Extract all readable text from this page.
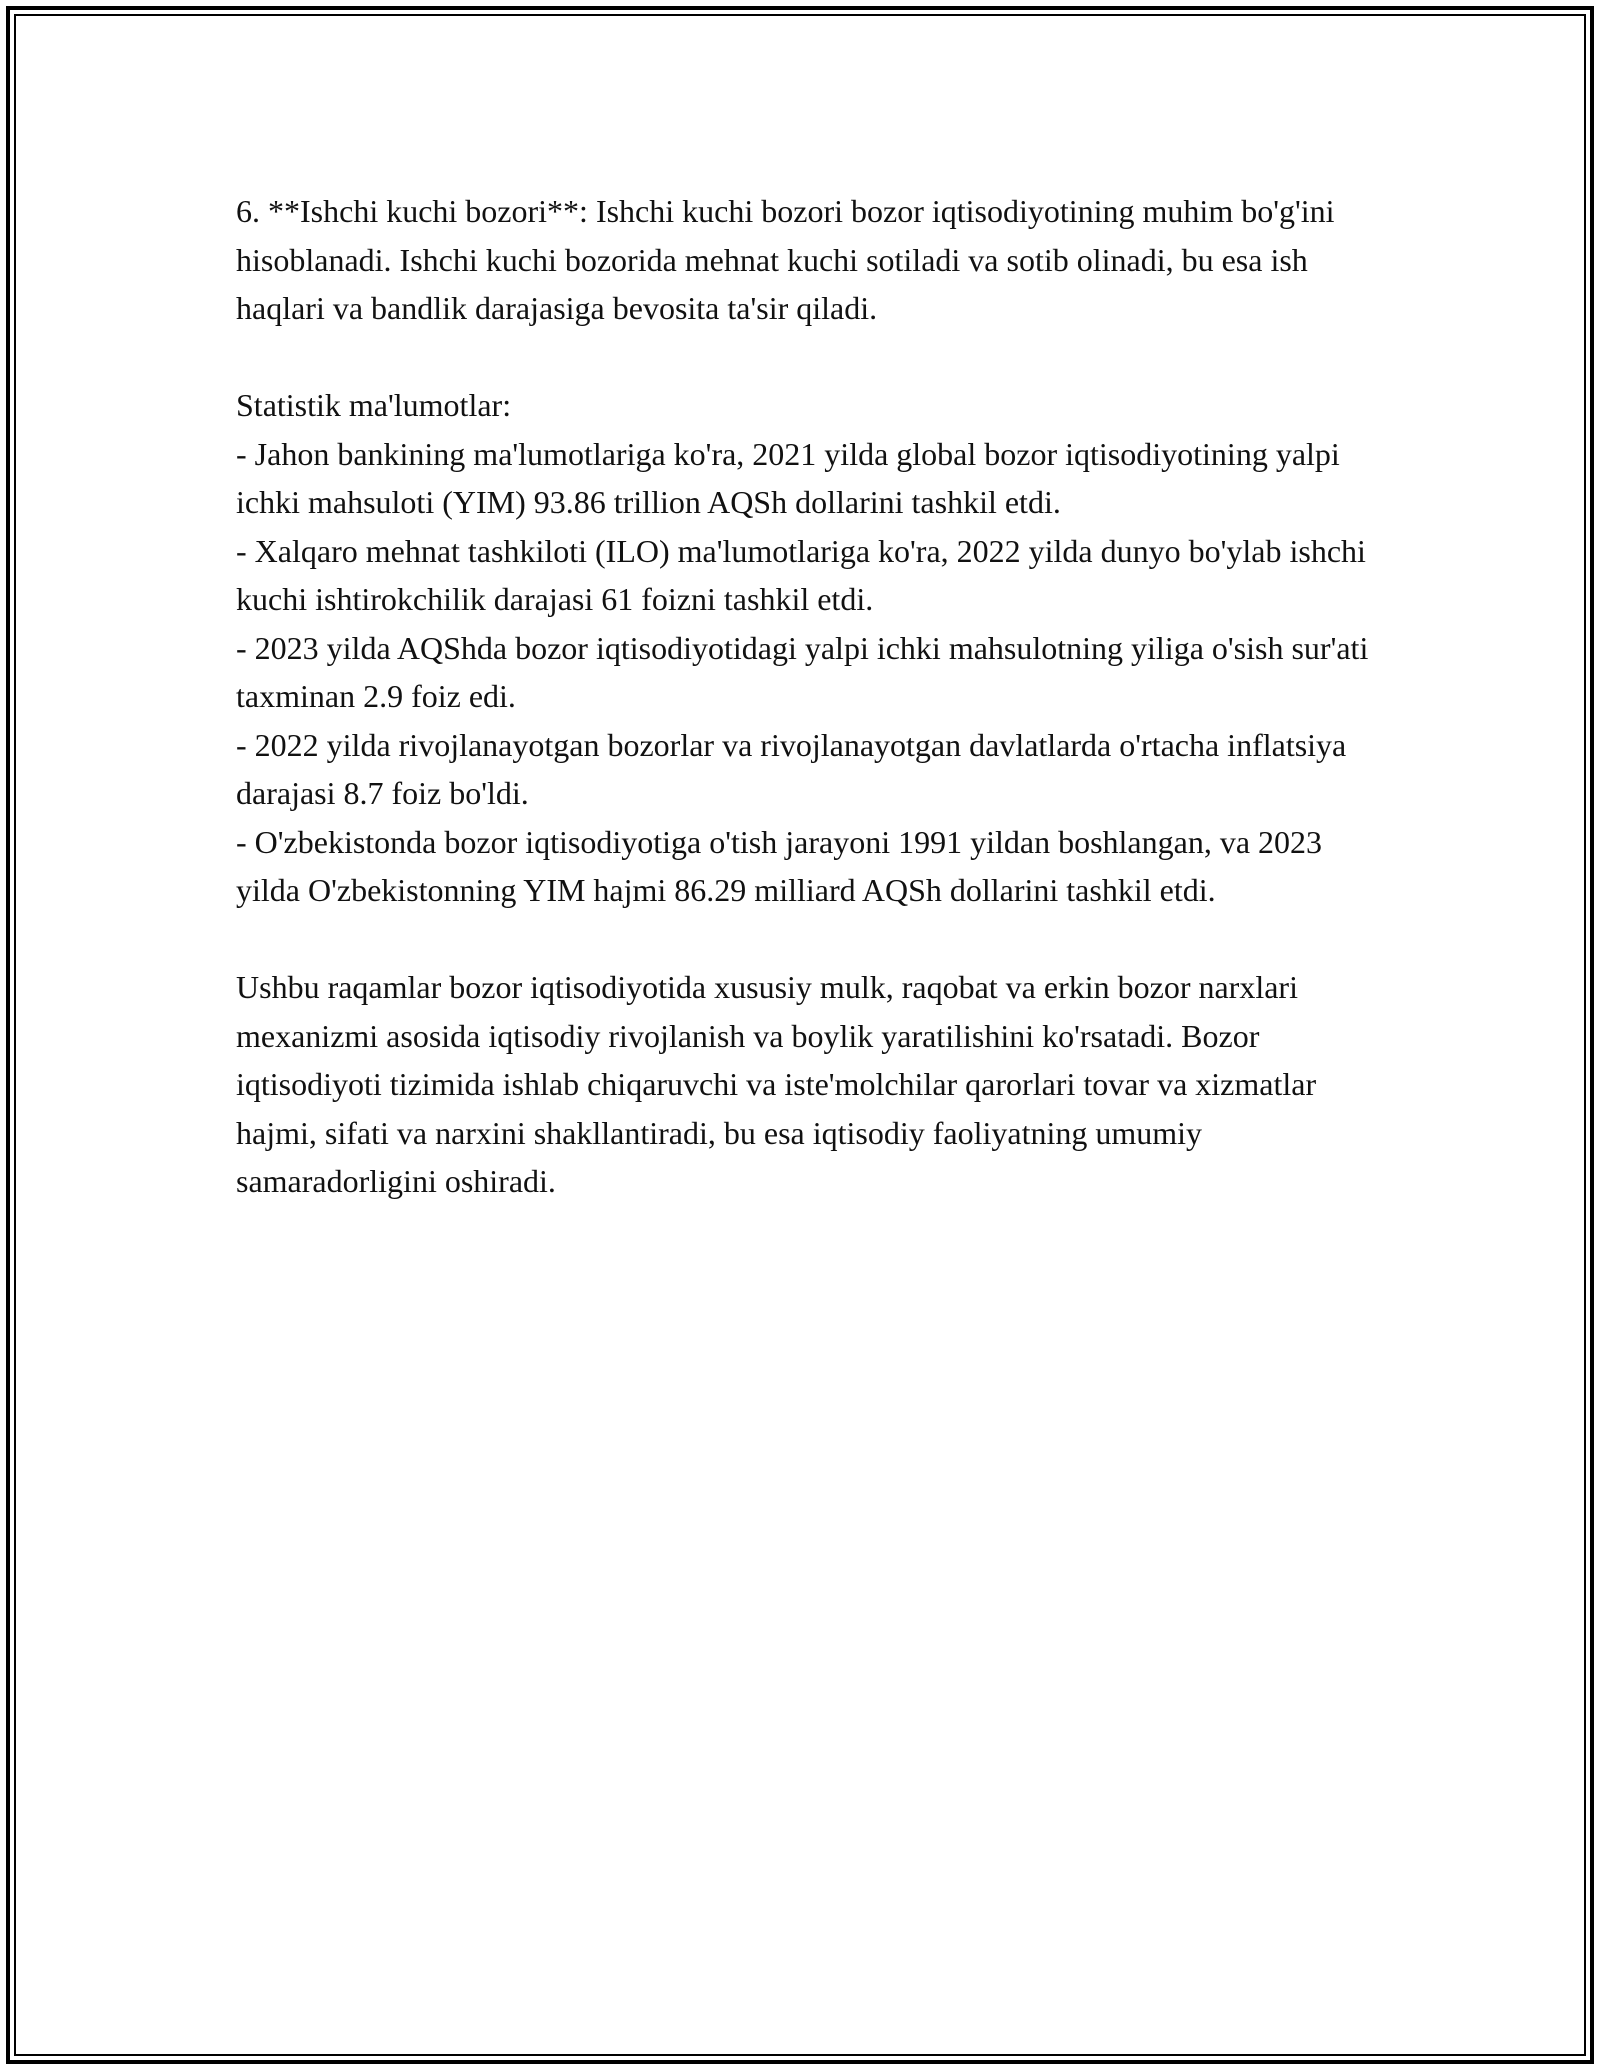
6. **Ishchi kuchi bozori**: Ishchi kuchi bozori bozor iqtisodiyotining muhim bo'g'ini hisoblanadi. Ishchi kuchi bozorida mehnat kuchi sotiladi va sotib olinadi, bu esa ish haqlari va bandlik darajasiga bevosita ta'sir qiladi.

Statistik ma'lumotlar:
- Jahon bankining ma'lumotlariga ko'ra, 2021 yilda global bozor iqtisodiyotining yalpi ichki mahsuloti (YIM) 93.86 trillion AQSh dollarini tashkil etdi.
- Xalqaro mehnat tashkiloti (ILO) ma'lumotlariga ko'ra, 2022 yilda dunyo bo'ylab ishchi kuchi ishtirokchilik darajasi 61 foizni tashkil etdi.
- 2023 yilda AQShda bozor iqtisodiyotidagi yalpi ichki mahsulotning yiliga o'sish sur'ati taxminan 2.9 foiz edi.
- 2022 yilda rivojlanayotgan bozorlar va rivojlanayotgan davlatlarda o'rtacha inflatsiya darajasi 8.7 foiz bo'ldi.
- O'zbekistonda bozor iqtisodiyotiga o'tish jarayoni 1991 yildan boshlangan, va 2023 yilda O'zbekistonning YIM hajmi 86.29 milliard AQSh dollarini tashkil etdi.

Ushbu raqamlar bozor iqtisodiyotida xususiy mulk, raqobat va erkin bozor narxlari mexanizmi asosida iqtisodiy rivojlanish va boylik yaratilishini ko'rsatadi. Bozor iqtisodiyoti tizimida ishlab chiqaruvchi va iste'molchilar qarorlari tovar va xizmatlar hajmi, sifati va narxini shakllantiradi, bu esa iqtisodiy faoliyatning umumiy samaradorligini oshiradi.
